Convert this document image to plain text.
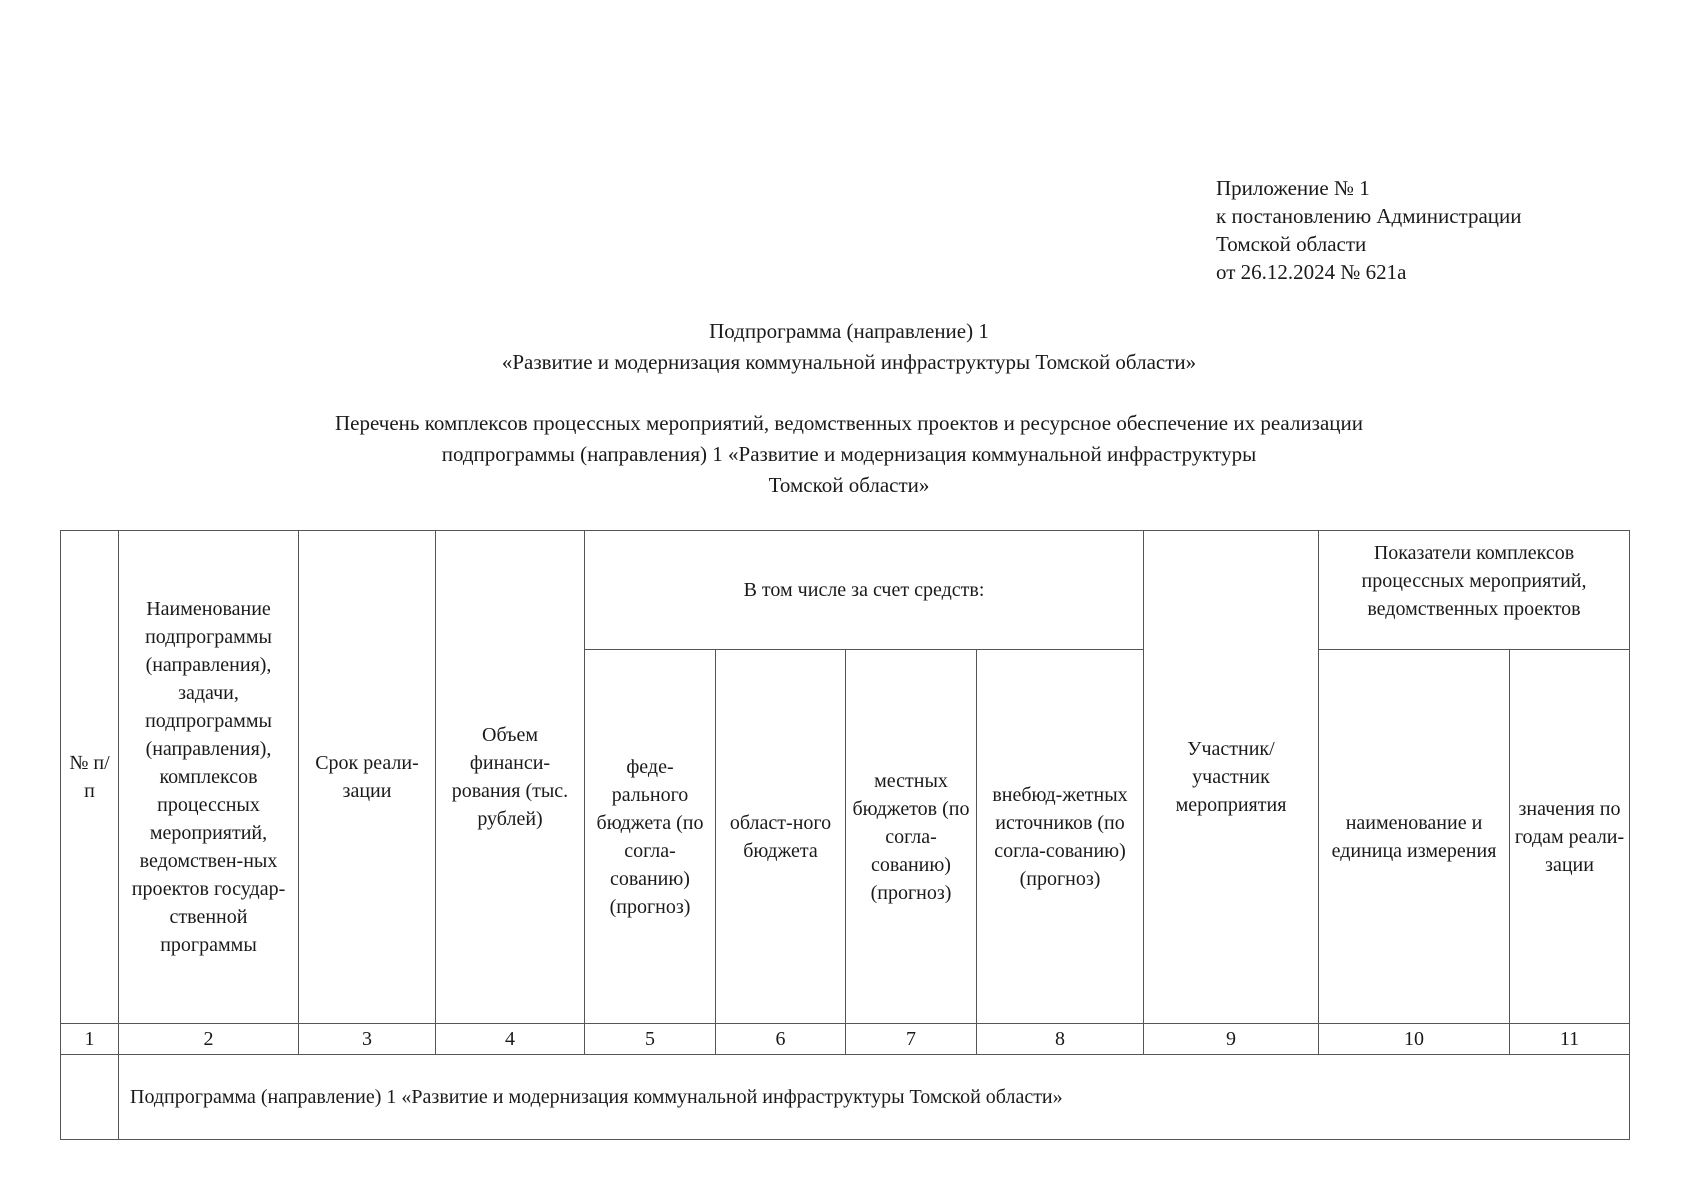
Приложение № 1
к постановлению Администрации
Томской области
от 26.12.2024 № 621а
Подпрограмма (направление) 1
«Развитие и модернизация коммунальной инфраструктуры Томской области»
Перечень комплексов процессных мероприятий, ведомственных проектов и ресурсное обеспечение их реализации
подпрограммы (направления) 1 «Развитие и модернизация коммунальной инфраструктуры
Томской области»
№ п/п	Наименование подпрограммы (направления), задачи, подпрограммы (направления), комплексов процессных мероприятий, ведомствен-ных проектов государ-ственной программы	Срок реали-зации	Объем финанси-рования (тыс. рублей)	В том числе за счет средств:				Участник/ участник мероприятия	Показатели комплексов процессных мероприятий, ведомственных проектов	

				феде-рального бюджета (по согла-сованию) (прогноз)	област-ного бюджета	местных бюджетов (по согла-сованию) (прогноз)	внебюд-жетных источников (по согла-сованию) (прогноз)		наименование и единица измерения	значения по годам реали-зации
1	2	3	4	5	6	7	8	9	10	11
	Подпрограмма (направление) 1 «Развитие и модернизация коммунальной инфраструктуры Томской области»									
